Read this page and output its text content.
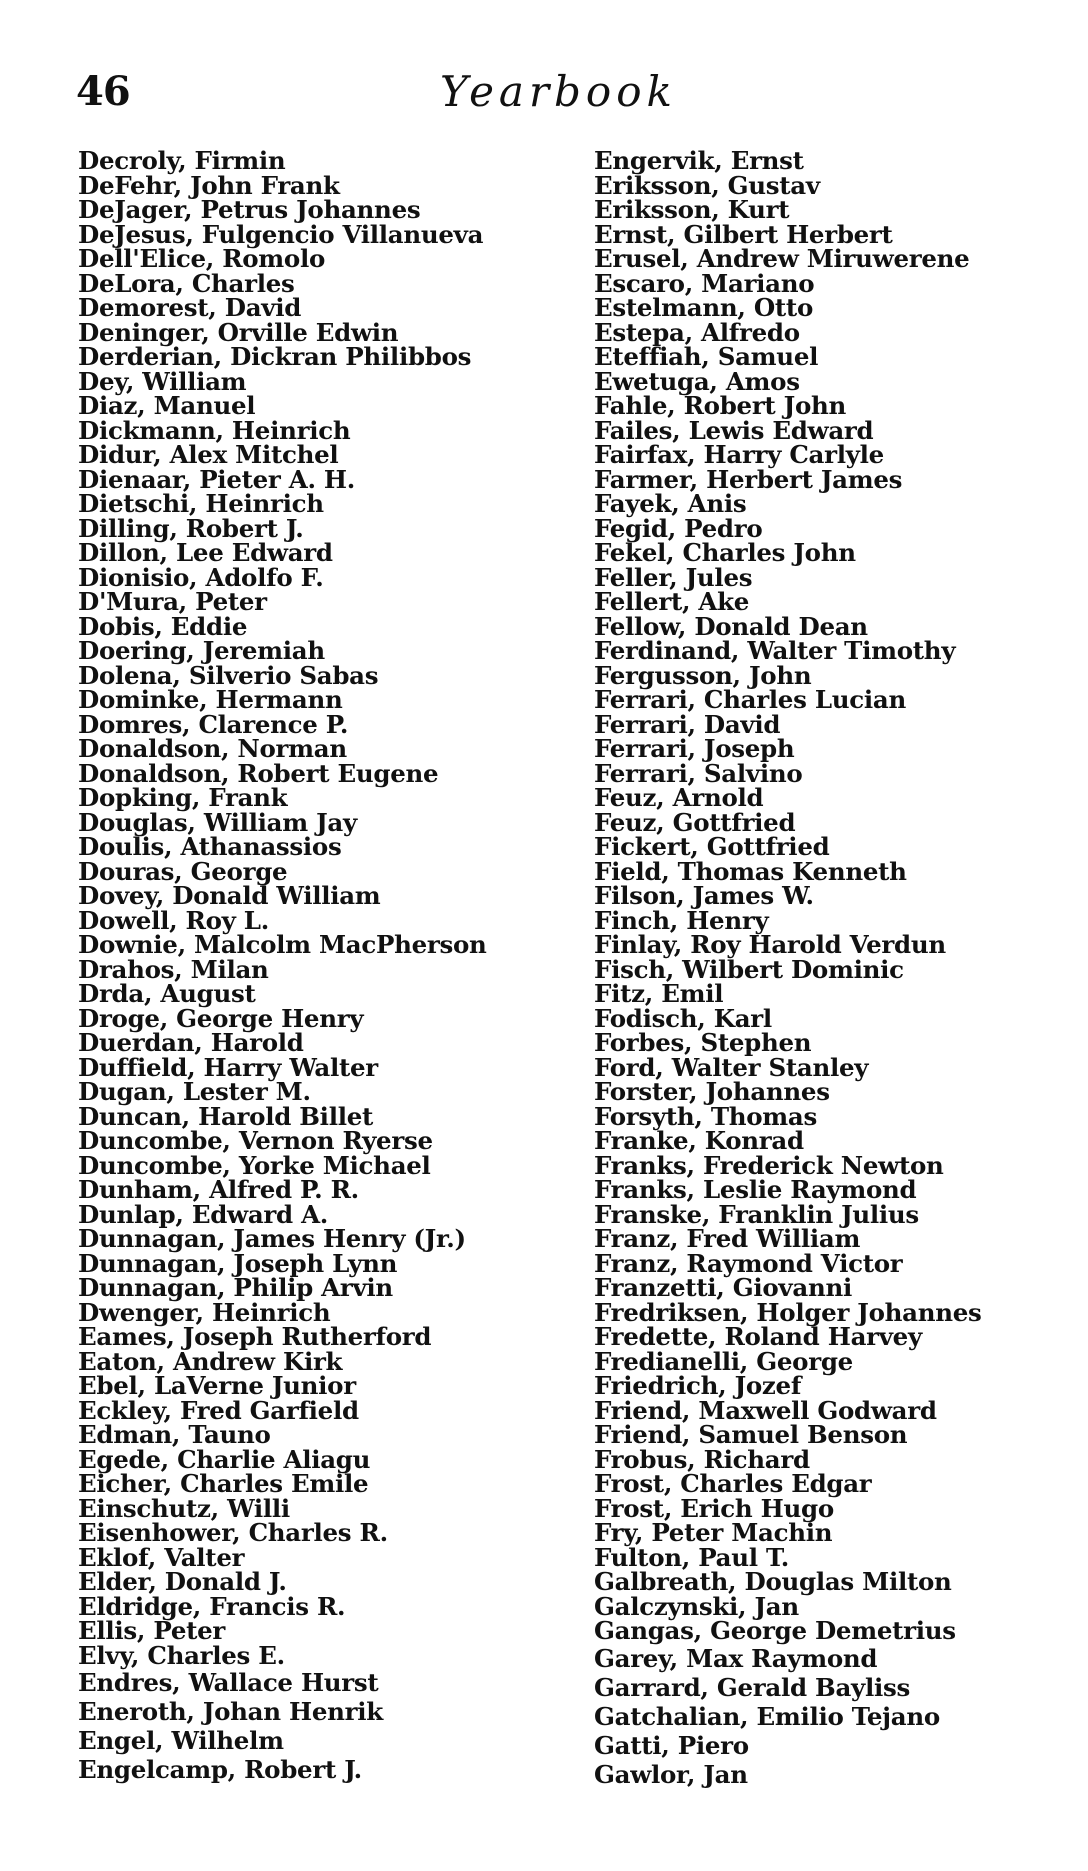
46	Yearbook
Decroly, Firmin
DeFehr, John Frank
DeJager, Petrus Johannes
DeJesus, Fulgencio Villanueva
Dell'Elice, Romolo
DeLora, Charles
Demorest, David
Deninger, Orville Edwin
Derderian, Dickran Philibbos
Dey, William
Diaz, Manuel
Dickmann, Heinrich
Didur, Alex Mitchel
Dienaar, Pieter A. H.
Dietschi, Heinrich
Dilling, Robert J.
Dillon, Lee Edward
Dionisio, Adolfo F.
D'Mura, Peter
Dobis, Eddie
Doering, Jeremiah
Dolena, Silverio Sabas
Dominke, Hermann
Domres, Clarence P.
Donaldson, Norman
Donaldson, Robert Eugene
Dopking, Frank
Douglas, William Jay
Doulis, Athanassios
Douras, George
Dovey, Donald William
Dowell, Roy L.
Downie, Malcolm MacPherson
Drahos, Milan
Drda, August
Droge, George Henry
Duerdan, Harold
Duffield, Harry Walter
Dugan, Lester M.
Duncan, Harold Billet
Duncombe, Vernon Ryerse
Duncombe, Yorke Michael
Dunham, Alfred P. R.
Dunlap, Edward A.
Dunnagan, James Henry (Jr.)
Dunnagan, Joseph Lynn
Dunnagan, Philip Arvin
Dwenger, Heinrich
Eames, Joseph Rutherford
Eaton, Andrew Kirk
Ebel, LaVerne Junior
Eckley, Fred Garfield
Edman, Tauno
Egede, Charlie Aliagu
Eicher, Charles Emile
Einschutz, Willi
Eisenhower, Charles R.
Eklof, Valter
Elder, Donald J.
Eldridge, Francis R.
Ellis, Peter
Elvy, Charles E.
Endres, Wallace Hurst
Eneroth, Johan Henrik
Engel, Wilhelm
Engelcamp, Robert J.
Engervik, Ernst
Eriksson, Gustav
Eriksson, Kurt
Ernst, Gilbert Herbert
Erusel, Andrew Miruwerene
Escaro, Mariano
Estelmann, Otto
Estepa, Alfredo
Eteffiah, Samuel
Ewetuga, Amos
Fahle, Robert John
Failes, Lewis Edward
Fairfax, Harry Carlyle
Farmer, Herbert James
Fayek, Anis
Fegid, Pedro
Fekel, Charles John
Feller, Jules
Fellert, Ake
Fellow, Donald Dean
Ferdinand, Walter Timothy
Fergusson, John
Ferrari, Charles Lucian
Ferrari, David
Ferrari, Joseph
Ferrari, Salvino
Feuz, Arnold
Feuz, Gottfried
Fickert, Gottfried
Field, Thomas Kenneth
Filson, James W.
Finch, Henry
Finlay, Roy Harold Verdun
Fisch, Wilbert Dominic
Fitz, Emil
Fodisch, Karl
Forbes, Stephen
Ford, Walter Stanley
Forster, Johannes
Forsyth, Thomas
Franke, Konrad
Franks, Frederick Newton
Franks, Leslie Raymond
Franske, Franklin Julius
Franz, Fred William
Franz, Raymond Victor
Franzetti, Giovanni
Fredriksen, Holger Johannes
Fredette, Roland Harvey
Fredianelli, George
Friedrich, Jozef
Friend, Maxwell Godward
Friend, Samuel Benson
Frobus, Richard
Frost, Charles Edgar
Frost, Erich Hugo
Fry, Peter Machin
Fulton, Paul T.
Galbreath, Douglas Milton
Galczynski, Jan
Gangas, George Demetrius
Garey, Max Raymond
Garrard, Gerald Bayliss
Gatchalian, Emilio Tejano
Gatti, Piero
Gawlor, Jan
